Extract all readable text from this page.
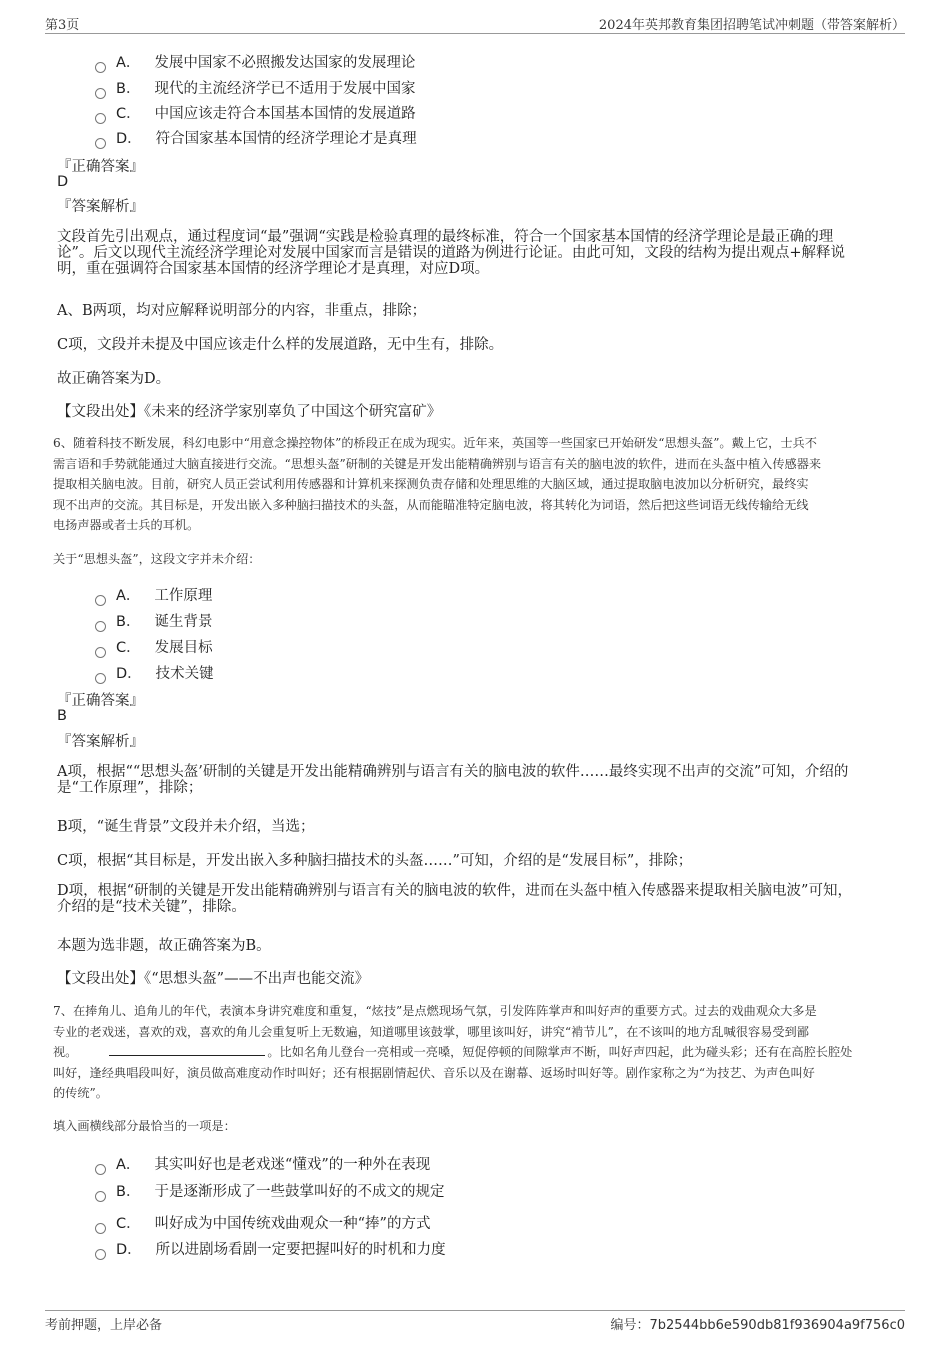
第3页	2024年英邦教育集团招聘笔试冲刺题（带答案解析）
A． 发展中国家不必照搬发达国家的发展理论
B． 现代的主流经济学已不适用于发展中国家
C． 中国应该走符合本国基本国情的发展道路
D． 符合国家基本国情的经济学理论才是真理
『正确答案』
D
『答案解析』
文段首先引出观点，通过程度词“最”强调“实践是检验真理的最终标准，符合一个国家基本国情的经济学理论是最正确的理
论”。后文以现代主流经济学理论对发展中国家而言是错误的道路为例进行论证。由此可知，文段的结构为提出观点+解释说
明，重在强调符合国家基本国情的经济学理论才是真理，对应D项。
A、B两项，均对应解释说明部分的内容，非重点，排除；
C项，文段并未提及中国应该走什么样的发展道路，无中生有，排除。
故正确答案为D。
【文段出处】《未来的经济学家别辜负了中国这个研究富矿》
6、随着科技不断发展，科幻电影中“用意念操控物体”的桥段正在成为现实。近年来，英国等一些国家已开始研发“思想头盔”。戴上它，士兵不
需言语和手势就能通过大脑直接进行交流。“思想头盔”研制的关键是开发出能精确辨别与语言有关的脑电波的软件，进而在头盔中植入传感器来
提取相关脑电波。目前，研究人员正尝试利用传感器和计算机来探测负责存储和处理思维的大脑区域，通过提取脑电波加以分析研究，最终实
现不出声的交流。其目标是，开发出嵌入多种脑扫描技术的头盔，从而能瞄准特定脑电波，将其转化为词语，然后把这些词语无线传输给无线
电扬声器或者士兵的耳机。
关于“思想头盔”，这段文字并未介绍：
A． 工作原理
B． 诞生背景
C． 发展目标
D． 技术关键
『正确答案』
B
『答案解析』
A项，根据““思想头盔’研制的关键是开发出能精确辨别与语言有关的脑电波的软件……最终实现不出声的交流”可知，介绍的
是“工作原理”，排除；
B项，“诞生背景”文段并未介绍，当选；
C项，根据“其目标是，开发出嵌入多种脑扫描技术的头盔……”可知，介绍的是“发展目标”，排除；
D项，根据“研制的关键是开发出能精确辨别与语言有关的脑电波的软件，进而在头盔中植入传感器来提取相关脑电波”可知，
介绍的是“技术关键”，排除。
本题为选非题，故正确答案为B。
【文段出处】《“思想头盔”——不出声也能交流》
7、在捧角儿、追角儿的年代，表演本身讲究难度和重复，“炫技”是点燃现场气氛，引发阵阵掌声和叫好声的重要方式。过去的戏曲观众大多是
专业的老戏迷，喜欢的戏，喜欢的角儿会重复听上无数遍，知道哪里该鼓掌，哪里该叫好，讲究“褃节儿”，在不该叫的地方乱喊很容易受到鄙
视。	。比如名角儿登台一亮相或一亮嗓，短促停顿的间隙掌声不断，叫好声四起，此为碰头彩；还有在高腔长腔处
叫好，逢经典唱段叫好，演员做高难度动作时叫好；还有根据剧情起伏、音乐以及在谢幕、返场时叫好等。剧作家称之为“为技艺、为声色叫好
的传统”。
填入画横线部分最恰当的一项是：
A． 其实叫好也是老戏迷“懂戏”的一种外在表现
B． 于是逐渐形成了一些鼓掌叫好的不成文的规定
C． 叫好成为中国传统戏曲观众一种“捧”的方式
D． 所以进剧场看剧一定要把握叫好的时机和力度
考前押题，上岸必备	编号：7b2544bb6e590db81f936904a9f756c0
